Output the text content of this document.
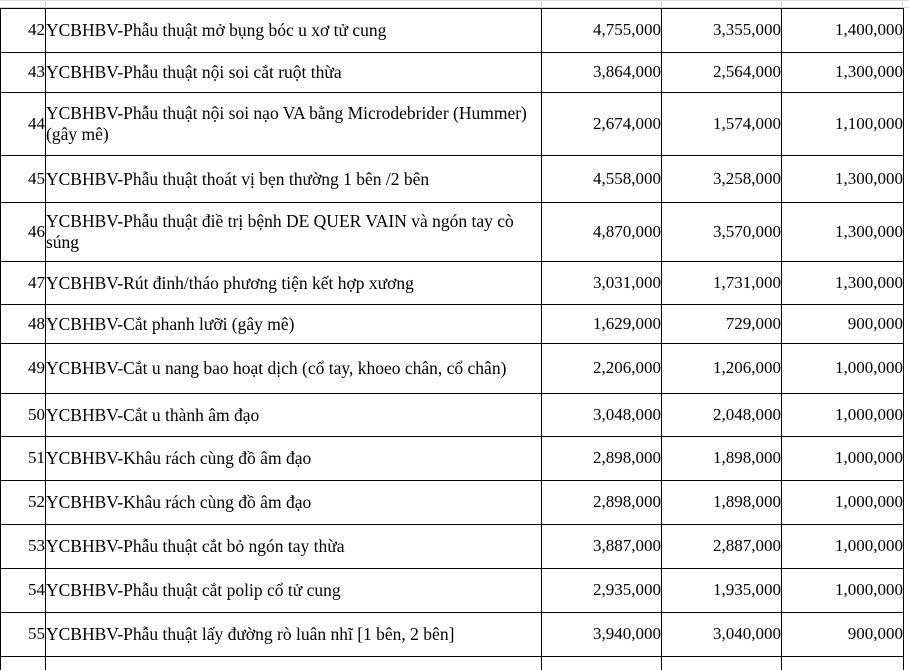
42	YCBHBV-Phẫu thuật mở bụng bóc u xơ tử cung	4,755,000	3,355,000	1,400,000
43	YCBHBV-Phẫu thuật nội soi cắt ruột thừa	3,864,000	2,564,000	1,300,000
44	YCBHBV-Phẫu thuật nội soi nạo VA bằng Microdebrider (Hummer) (gây mê)	2,674,000	1,574,000	1,100,000
45	YCBHBV-Phẫu thuật thoát vị bẹn thường 1 bên /2 bên	4,558,000	3,258,000	1,300,000
46	YCBHBV-Phẫu thuật điề trị bệnh DE QUER VAIN và ngón tay cò súng	4,870,000	3,570,000	1,300,000
47	YCBHBV-Rút đinh/tháo phương tiện kết hợp xương	3,031,000	1,731,000	1,300,000
48	YCBHBV-Cắt phanh lưỡi (gây mê)	1,629,000	729,000	900,000
49	YCBHBV-Cắt u nang bao hoạt dịch (cổ tay, khoeo chân, cổ chân)	2,206,000	1,206,000	1,000,000
50	YCBHBV-Cắt u thành âm đạo	3,048,000	2,048,000	1,000,000
51	YCBHBV-Khâu rách cùng đồ âm đạo	2,898,000	1,898,000	1,000,000
52	YCBHBV-Khâu rách cùng đồ âm đạo	2,898,000	1,898,000	1,000,000
53	YCBHBV-Phẫu thuật cắt bỏ ngón tay thừa	3,887,000	2,887,000	1,000,000
54	YCBHBV-Phẫu thuật cắt polip cổ tử cung	2,935,000	1,935,000	1,000,000
55	YCBHBV-Phẫu thuật lấy đường rò luân nhĩ [1 bên, 2 bên]	3,940,000	3,040,000	900,000
